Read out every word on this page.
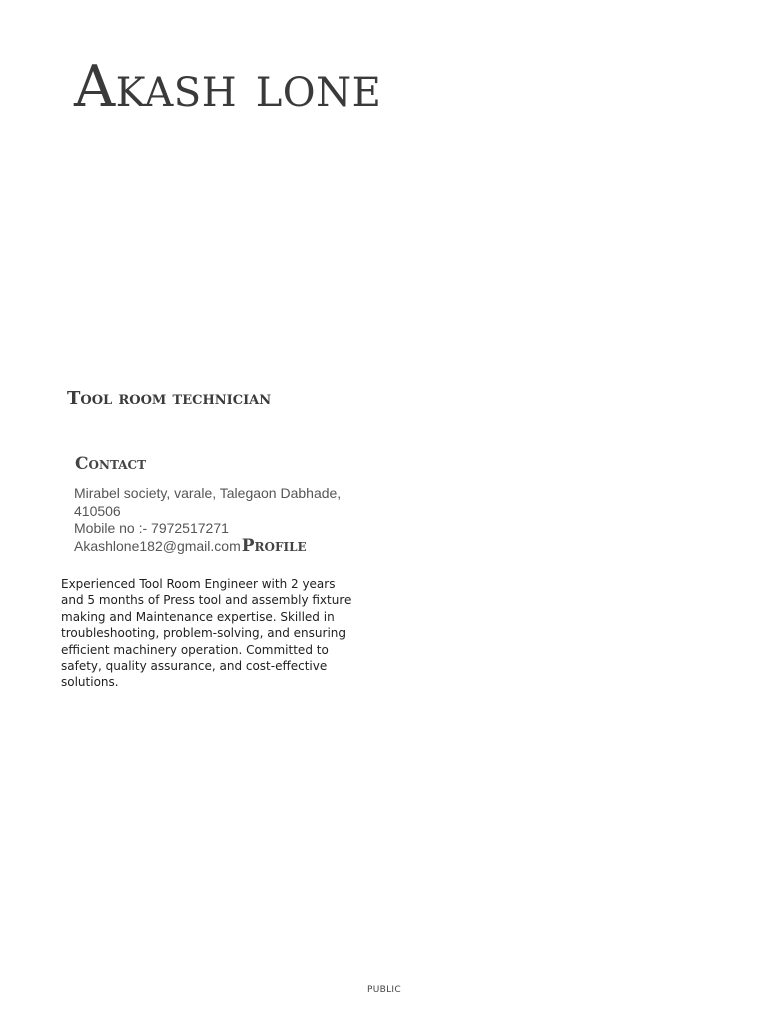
Akash lone
Tool room technician
Contact
Mirabel society, varale, Talegaon Dabhade, 410506
Mobile no :- 7972517271
Akashlone182@gmail.comProfile
Experienced Tool Room Engineer with 2 years and 5 months of Press tool and assembly fixture making and Maintenance expertise. Skilled in troubleshooting, problem-solving, and ensuring efficient machinery operation. Committed to safety, quality assurance, and cost-effective solutions.
PUBLIC
